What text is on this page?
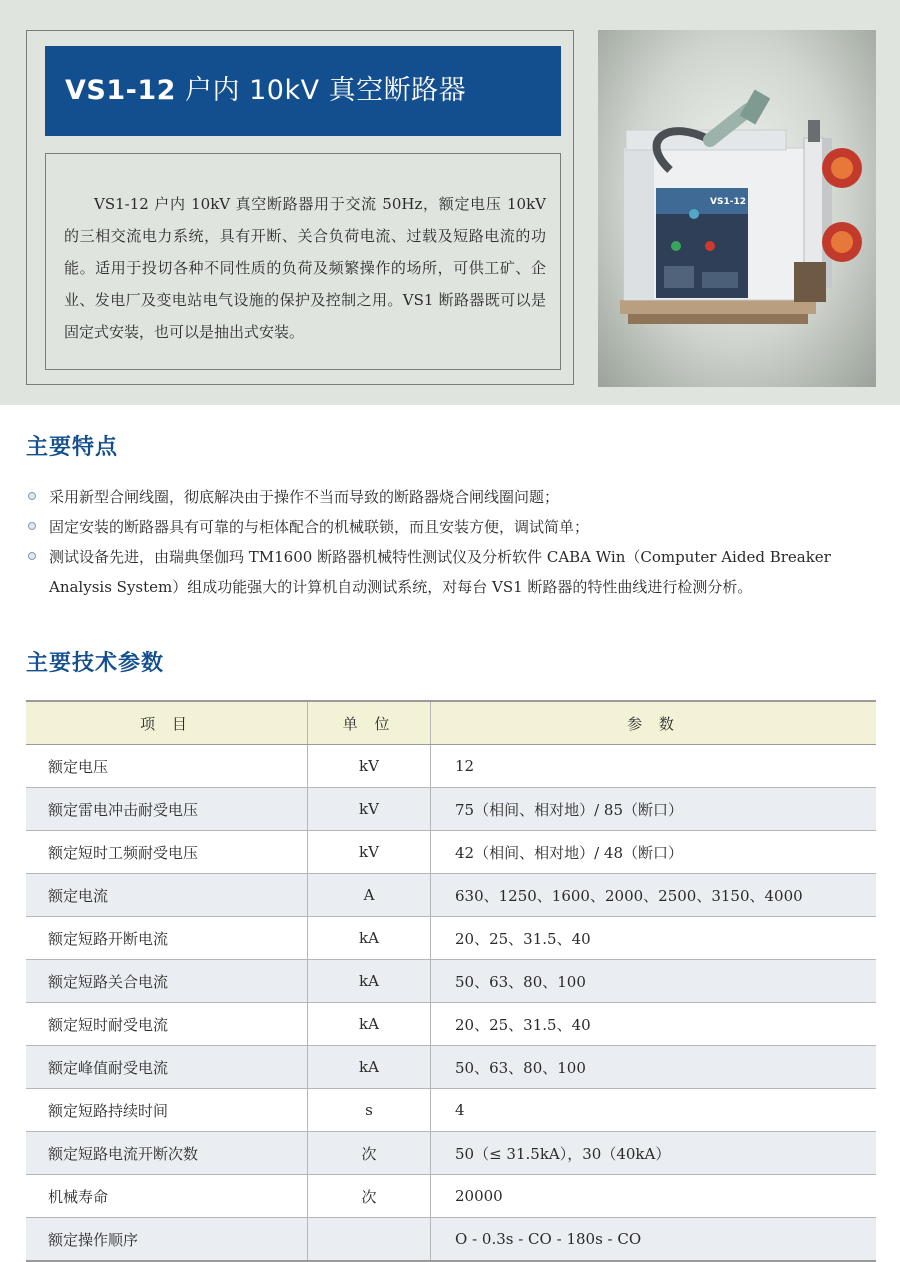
VS1-12 户内 10kV 真空断路器
VS1-12 户内 10kV 真空断路器用于交流 50Hz，额定电压 10kV 的三相交流电力系统，具有开断、关合负荷电流、过载及短路电流的功能。适用于投切各种不同性质的负荷及频繁操作的场所，可供工矿、企业、发电厂及变电站电气设施的保护及控制之用。VS1 断路器既可以是固定式安装，也可以是抽出式安装。
VS1-12
主要特点
采用新型合闸线圈，彻底解决由于操作不当而导致的断路器烧合闸线圈问题；
固定安装的断路器具有可靠的与柜体配合的机械联锁，而且安装方便，调试简单；
测试设备先进，由瑞典堡伽玛 TM1600 断路器机械特性测试仪及分析软件 CABA Win（Computer Aided Breaker Analysis System）组成功能强大的计算机自动测试系统，对每台 VS1 断路器的特性曲线进行检测分析。
主要技术参数
项 目	单 位	参 数
额定电压	kV	12
额定雷电冲击耐受电压	kV	75（相间、相对地）/ 85（断口）
额定短时工频耐受电压	kV	42（相间、相对地）/ 48（断口）
额定电流	A	630、1250、1600、2000、2500、3150、4000
额定短路开断电流	kA	20、25、31.5、40
额定短路关合电流	kA	50、63、80、100
额定短时耐受电流	kA	20、25、31.5、40
额定峰值耐受电流	kA	50、63、80、100
额定短路持续时间	s	4
额定短路电流开断次数	次	50（≤ 31.5kA），30（40kA）
机械寿命	次	20000
额定操作顺序		O - 0.3s - CO - 180s - CO
